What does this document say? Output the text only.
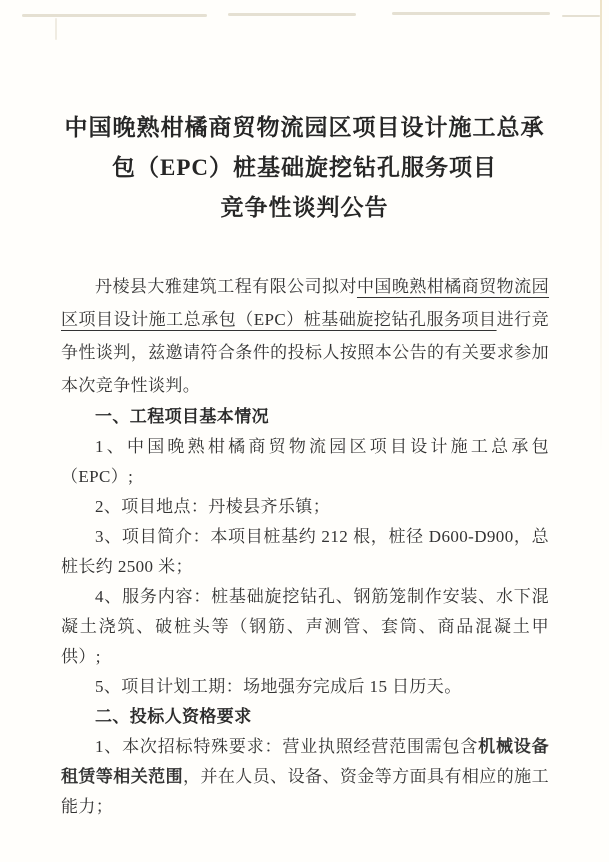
中国晚熟柑橘商贸物流园区项目设计施工总承
包（EPC）桩基础旋挖钻孔服务项目
竞争性谈判公告

丹棱县大雅建筑工程有限公司拟对中国晚熟柑橘商贸物流园区项目设计施工总承包（EPC）桩基础旋挖钻孔服务项目进行竞争性谈判，兹邀请符合条件的投标人按照本公告的有关要求参加本次竞争性谈判。

一、工程项目基本情况

1、中国晚熟柑橘商贸物流园区项目设计施工总承包（EPC）;

2、项目地点：丹棱县齐乐镇；

3、项目简介：本项目桩基约 212 根，桩径 D600-D900，总桩长约 2500 米；

4、服务内容：桩基础旋挖钻孔、钢筋笼制作安装、水下混凝土浇筑、破桩头等（钢筋、声测管、套筒、商品混凝土甲供）;

5、项目计划工期：场地强夯完成后 15 日历天。

二、投标人资格要求

1、本次招标特殊要求：营业执照经营范围需包含机械设备租赁等相关范围，并在人员、设备、资金等方面具有相应的施工能力；
